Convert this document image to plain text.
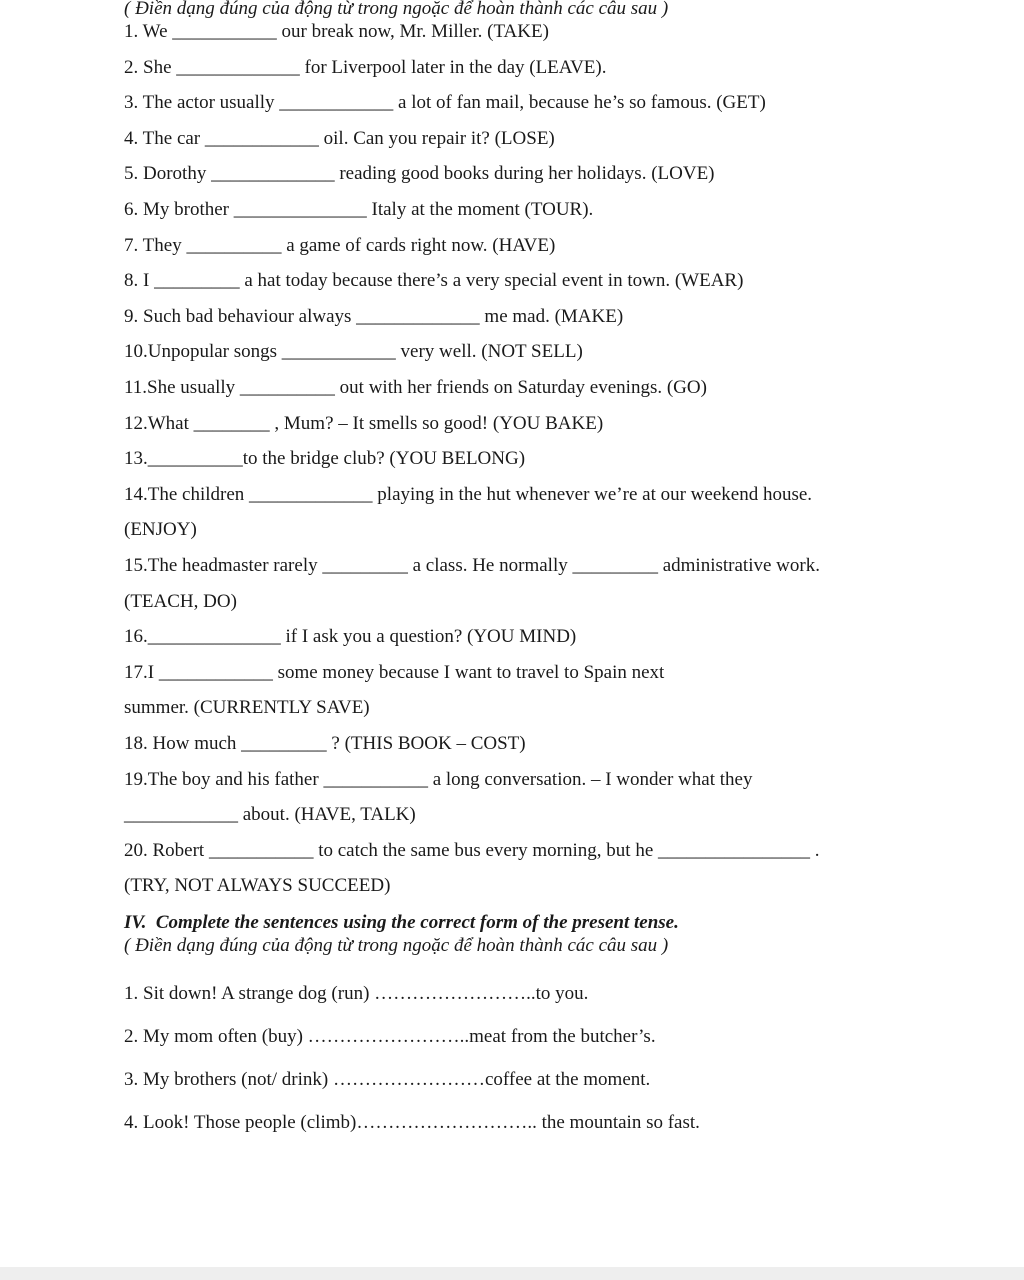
( Điền dạng đúng của động từ trong ngoặc để hoàn thành các câu sau )
1. We ___________ our break now, Mr. Miller. (TAKE)
2. She _____________ for Liverpool later in the day (LEAVE).
3. The actor usually ____________ a lot of fan mail, because he’s so famous. (GET)
4. The car ____________ oil. Can you repair it? (LOSE)
5. Dorothy _____________ reading good books during her holidays. (LOVE)
6. My brother ______________ Italy at the moment (TOUR).
7. They __________ a game of cards right now. (HAVE)
8. I _________ a hat today because there’s a very special event in town. (WEAR)
9. Such bad behaviour always _____________ me mad. (MAKE)
10.Unpopular songs ____________ very well. (NOT SELL)
11.She usually __________ out with her friends on Saturday evenings. (GO)
12.What ________ , Mum? – It smells so good! (YOU BAKE)
13.__________to the bridge club? (YOU BELONG)
14.The children _____________ playing in the hut whenever we’re at our weekend house.
(ENJOY)
15.The headmaster rarely _________ a class. He normally _________ administrative work.
(TEACH, DO)
16.______________ if I ask you a question? (YOU MIND)
17.I ____________ some money because I want to travel to Spain next
summer. (CURRENTLY SAVE)
18. How much _________ ? (THIS BOOK – COST)
19.The boy and his father ___________ a long conversation. – I wonder what they
____________ about. (HAVE, TALK)
20. Robert ___________ to catch the same bus every morning, but he ________________ .
(TRY, NOT ALWAYS SUCCEED)
IV.  Complete the sentences using the correct form of the present tense.
( Điền dạng đúng của động từ trong ngoặc để hoàn thành các câu sau )
1. Sit down! A strange dog (run) ……………………..to you.
2. My mom often (buy) ……………………..meat from the butcher’s.
3. My brothers (not/ drink) ……………………coffee at the moment.
4. Look! Those people (climb)……………………….. the mountain so fast.
